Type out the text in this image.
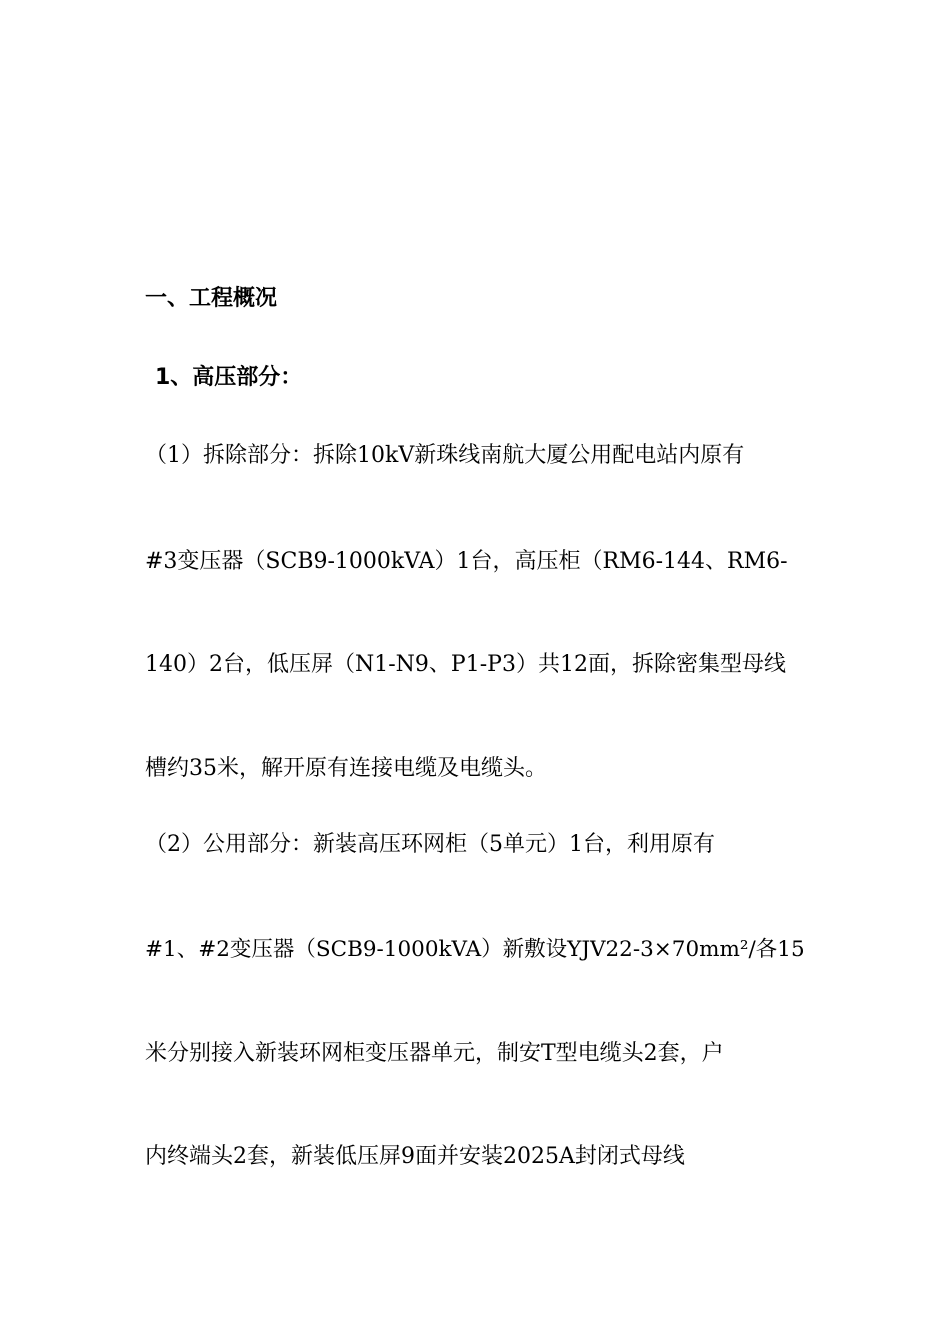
一、工程概况
1、高压部分：
（1）拆除部分：拆除10kV新珠线南航大厦公用配电站内原有
#3变压器（SCB9-1000kVA）1台，高压柜（RM6-144、RM6-
140）2台，低压屏（N1-N9、P1-P3）共12面，拆除密集型母线
槽约35米，解开原有连接电缆及电缆头。
（2）公用部分：新装高压环网柜（5单元）1台，利用原有
#1、#2变压器（SCB9-1000kVA）新敷设YJV22-3×70mm²/各15
米分别接入新装环网柜变压器单元，制安T型电缆头2套，户
内终端头2套，新装低压屏9面并安装2025A封闭式母线
